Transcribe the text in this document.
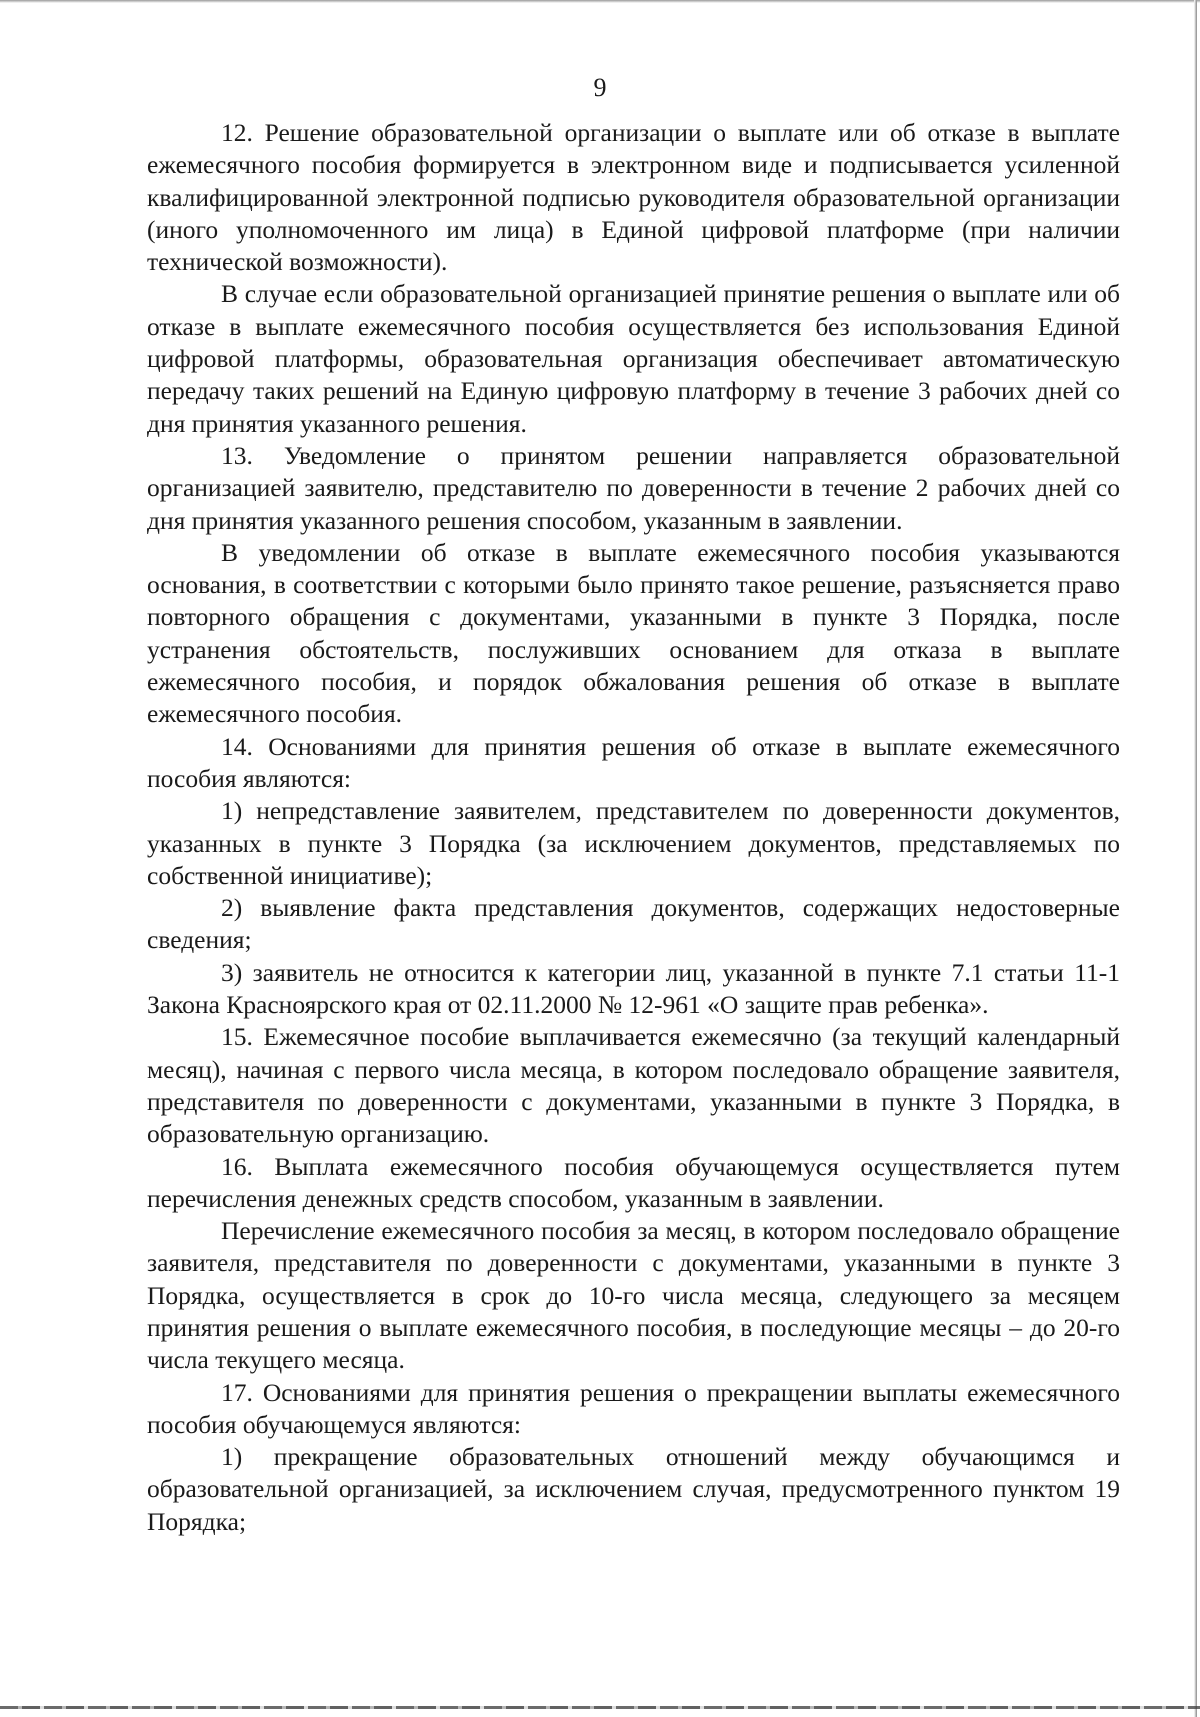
9

12. Решение образовательной организации о выплате или об отказе в выплате ежемесячного пособия формируется в электронном виде и подписывается усиленной квалифицированной электронной подписью руководителя образовательной организации (иного уполномоченного им лица) в Единой цифровой платформе (при наличии технической возможности).

В случае если образовательной организацией принятие решения о выплате или об отказе в выплате ежемесячного пособия осуществляется без использования Единой цифровой платформы, образовательная организация обеспечивает автоматическую передачу таких решений на Единую цифровую платформу в течение 3 рабочих дней со дня принятия указанного решения.

13. Уведомление о принятом решении направляется образовательной организацией заявителю, представителю по доверенности в течение 2 рабочих дней со дня принятия указанного решения способом, указанным в заявлении.

В уведомлении об отказе в выплате ежемесячного пособия указываются основания, в соответствии с которыми было принято такое решение, разъясняется право повторного обращения с документами, указанными в пункте 3 Порядка, после устранения обстоятельств, послуживших основанием для отказа в выплате ежемесячного пособия, и порядок обжалования решения об отказе в выплате ежемесячного пособия.

14. Основаниями для принятия решения об отказе в выплате ежемесячного пособия являются:

1) непредставление заявителем, представителем по доверенности документов, указанных в пункте 3 Порядка (за исключением документов, представляемых по собственной инициативе);

2) выявление факта представления документов, содержащих недостоверные сведения;

3) заявитель не относится к категории лиц, указанной в пункте 7.1 статьи 11-1 Закона Красноярского края от 02.11.2000 № 12-961 «О защите прав ребенка».

15. Ежемесячное пособие выплачивается ежемесячно (за текущий календарный месяц), начиная с первого числа месяца, в котором последовало обращение заявителя, представителя по доверенности с документами, указанными в пункте 3 Порядка, в образовательную организацию.

16. Выплата ежемесячного пособия обучающемуся осуществляется путем перечисления денежных средств способом, указанным в заявлении.

Перечисление ежемесячного пособия за месяц, в котором последовало обращение заявителя, представителя по доверенности с документами, указанными в пункте 3 Порядка, осуществляется в срок до 10-го числа месяца, следующего за месяцем принятия решения о выплате ежемесячного пособия, в последующие месяцы – до 20-го числа текущего месяца.

17. Основаниями для принятия решения о прекращении выплаты ежемесячного пособия обучающемуся являются:

1) прекращение образовательных отношений между обучающимся и образовательной организацией, за исключением случая, предусмотренного пунктом 19 Порядка;
